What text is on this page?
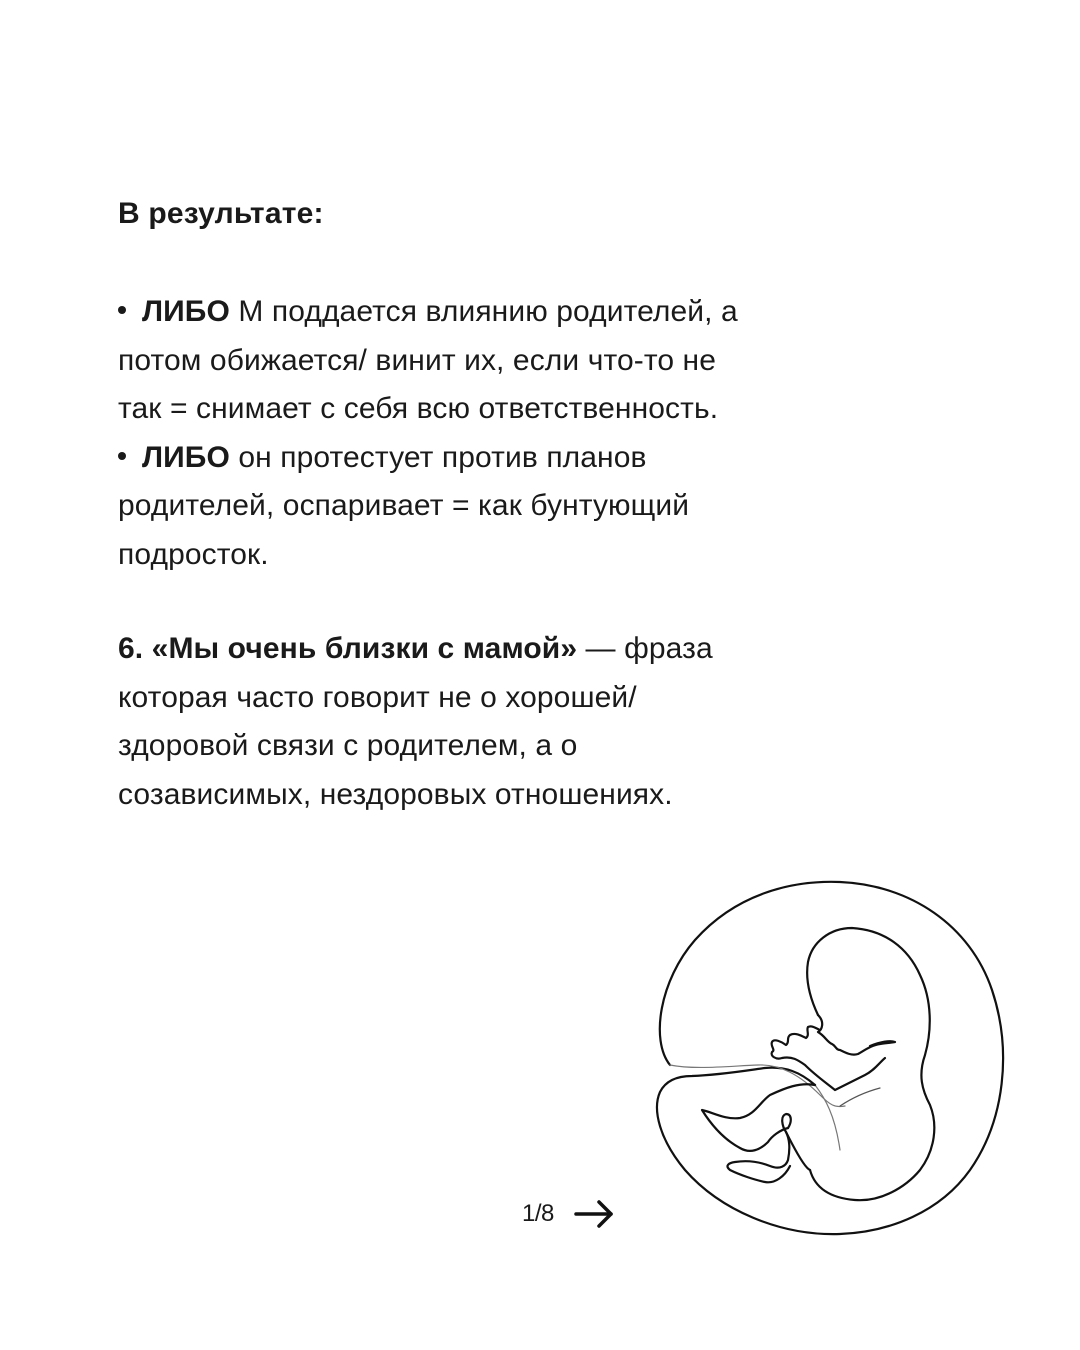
В результате:
ЛИБО М поддается влиянию родителей, а
потом обижается/ винит их, если что-то не
так = снимает с себя всю ответственность.
ЛИБО он протестует против планов
родителей, оспаривает = как бунтующий
подросток.

6. «Мы очень близки с мамой» — фраза
которая часто говорит не о хорошей/
здоровой связи с родителем, а о
созависимых, нездоровых отношениях.

1/8
